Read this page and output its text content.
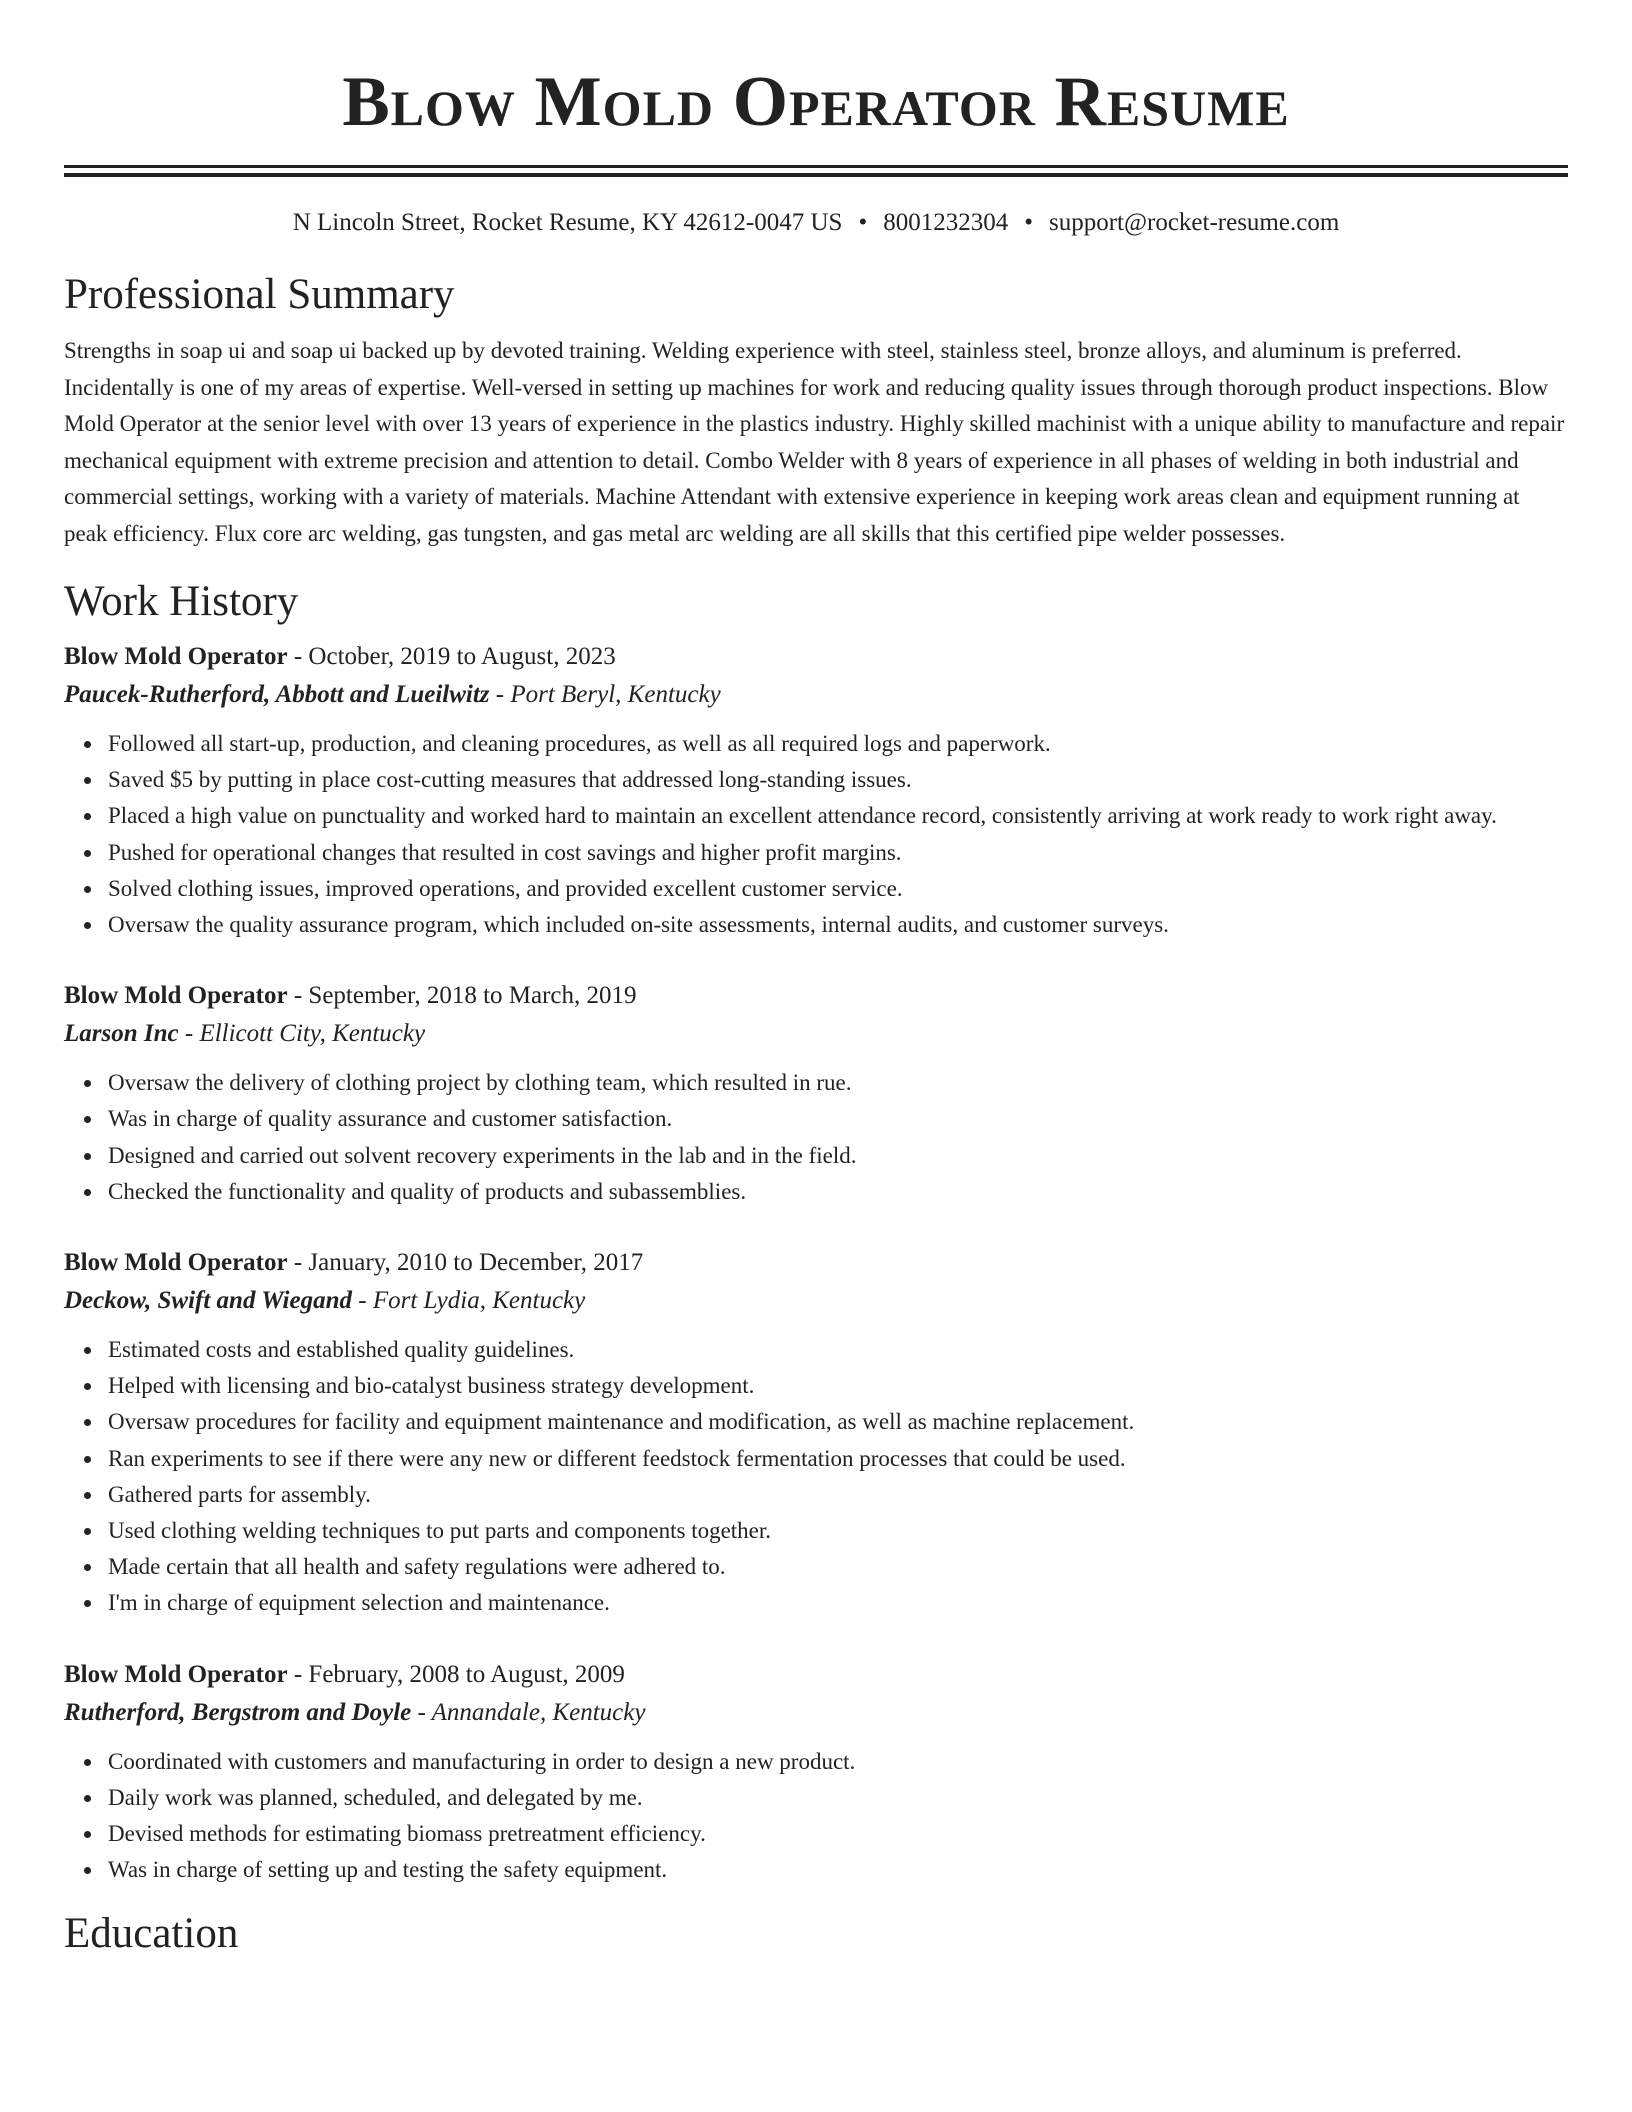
Blow Mold Operator Resume
N Lincoln Street, Rocket Resume, KY 42612-0047 US • 8001232304 • support@rocket-resume.com
Professional Summary

Strengths in soap ui and soap ui backed up by devoted training. Welding experience with steel, stainless steel, bronze alloys, and aluminum is preferred. Incidentally is one of my areas of expertise. Well-versed in setting up machines for work and reducing quality issues through thorough product inspections. Blow Mold Operator at the senior level with over 13 years of experience in the plastics industry. Highly skilled machinist with a unique ability to manufacture and repair mechanical equipment with extreme precision and attention to detail. Combo Welder with 8 years of experience in all phases of welding in both industrial and commercial settings, working with a variety of materials. Machine Attendant with extensive experience in keeping work areas clean and equipment running at peak efficiency. Flux core arc welding, gas tungsten, and gas metal arc welding are all skills that this certified pipe welder possesses.

Work History
Blow Mold Operator - October, 2019 to August, 2023
Paucek-Rutherford, Abbott and Lueilwitz - Port Beryl, Kentucky
Followed all start-up, production, and cleaning procedures, as well as all required logs and paperwork.
Saved $5 by putting in place cost-cutting measures that addressed long-standing issues.
Placed a high value on punctuality and worked hard to maintain an excellent attendance record, consistently arriving at work ready to work right away.
Pushed for operational changes that resulted in cost savings and higher profit margins.
Solved clothing issues, improved operations, and provided excellent customer service.
Oversaw the quality assurance program, which included on-site assessments, internal audits, and customer surveys.
Blow Mold Operator - September, 2018 to March, 2019
Larson Inc - Ellicott City, Kentucky
Oversaw the delivery of clothing project by clothing team, which resulted in rue.
Was in charge of quality assurance and customer satisfaction.
Designed and carried out solvent recovery experiments in the lab and in the field.
Checked the functionality and quality of products and subassemblies.
Blow Mold Operator - January, 2010 to December, 2017
Deckow, Swift and Wiegand - Fort Lydia, Kentucky
Estimated costs and established quality guidelines.
Helped with licensing and bio-catalyst business strategy development.
Oversaw procedures for facility and equipment maintenance and modification, as well as machine replacement.
Ran experiments to see if there were any new or different feedstock fermentation processes that could be used.
Gathered parts for assembly.
Used clothing welding techniques to put parts and components together.
Made certain that all health and safety regulations were adhered to.
I'm in charge of equipment selection and maintenance.
Blow Mold Operator - February, 2008 to August, 2009
Rutherford, Bergstrom and Doyle - Annandale, Kentucky
Coordinated with customers and manufacturing in order to design a new product.
Daily work was planned, scheduled, and delegated by me.
Devised methods for estimating biomass pretreatment efficiency.
Was in charge of setting up and testing the safety equipment.
Education
